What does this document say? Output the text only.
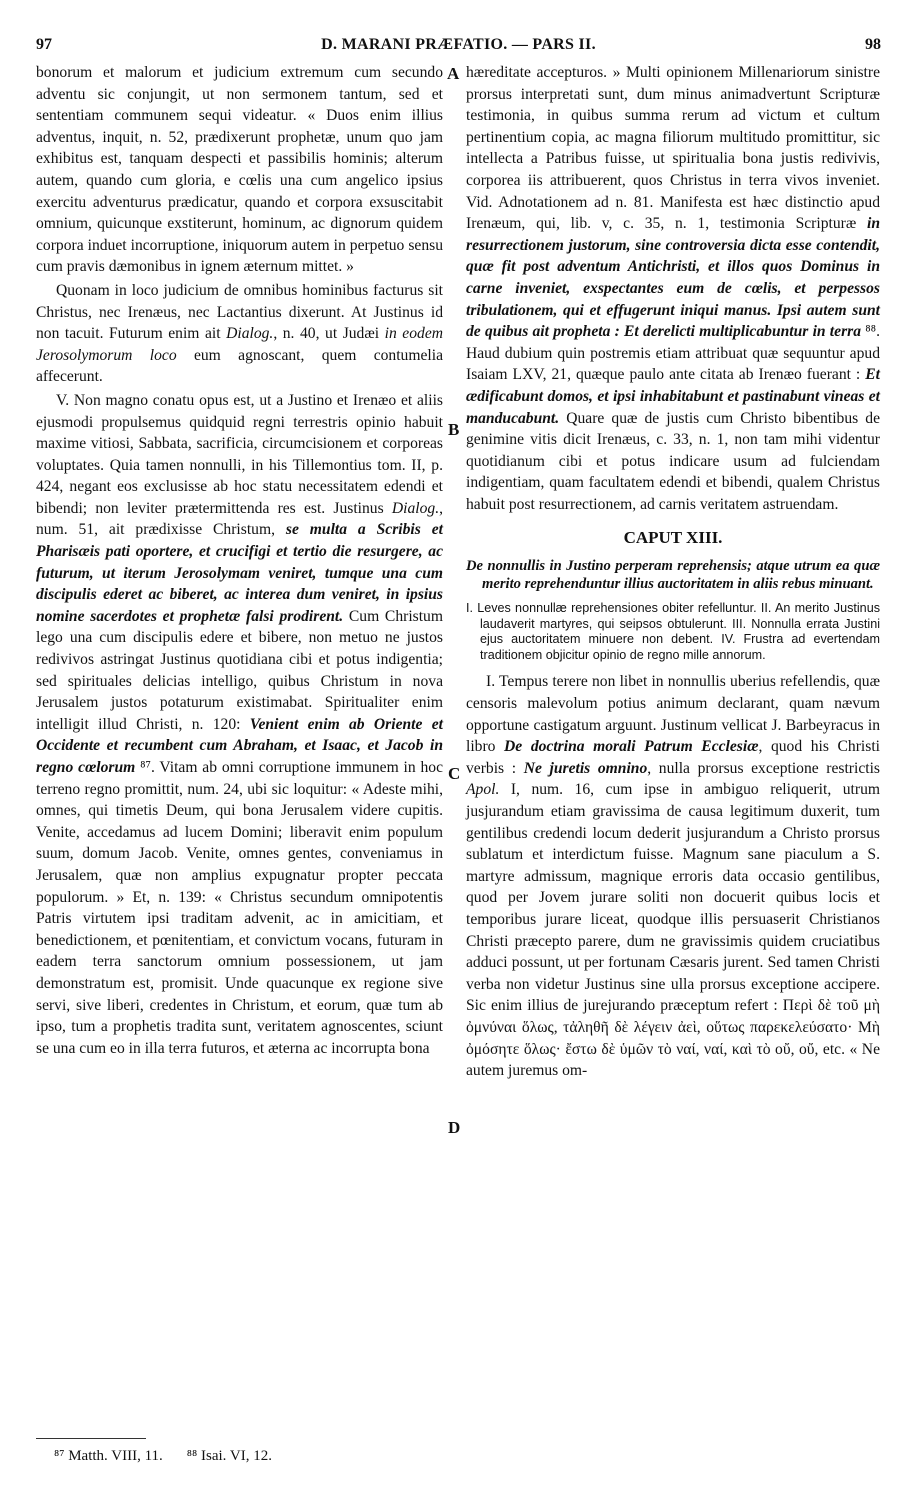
97	D. MARANI PRÆFATIO. — PARS II.	98
A
B
C
D

bonorum et malorum et judicium extremum cum secundo adventu sic conjungit, ut non sermonem tantum, sed et sententiam communem sequi videatur. « Duos enim illius adventus, inquit, n. 52, prædixerunt prophetæ, unum quo jam exhibitus est, tanquam despecti et passibilis hominis; alterum autem, quando cum gloria, e cœlis una cum angelico ipsius exercitu adventurus prædicatur, quando et corpora exsuscitabit omnium, quicunque exstiterunt, hominum, ac dignorum quidem corpora induet incorruptione, iniquorum autem in perpetuo sensu cum pravis dæmonibus in ignem æternum mittet. »

Quonam in loco judicium de omnibus hominibus facturus sit Christus, nec Irenæus, nec Lactantius dixerunt. At Justinus id non tacuit. Futurum enim ait Dialog., n. 40, ut Judæi in eodem Jerosolymorum loco eum agnoscant, quem contumelia affecerunt.

V. Non magno conatu opus est, ut a Justino et Irenæo et aliis ejusmodi propulsemus quidquid regni terrestris opinio habuit maxime vitiosi, Sabbata, sacrificia, circumcisionem et corporeas voluptates. Quia tamen nonnulli, in his Tillemontius tom. II, p. 424, negant eos exclusisse ab hoc statu necessitatem edendi et bibendi; non leviter prætermittenda res est. Justinus Dialog., num. 51, ait prædixisse Christum, se multa a Scribis et Pharisæis pati oportere, et crucifigi et tertio die resurgere, ac futurum, ut iterum Jerosolymam veniret, tumque una cum discipulis ederet ac biberet, ac interea dum veniret, in ipsius nomine sacerdotes et prophetæ falsi prodirent. Cum Christum lego una cum discipulis edere et bibere, non metuo ne justos redivivos astringat Justinus quotidiana cibi et potus indigentia; sed spirituales delicias intelligo, quibus Christum in nova Jerusalem justos potaturum existimabat. Spiritualiter enim intelligit illud Christi, n. 120: Venient enim ab Oriente et Occidente et recumbent cum Abraham, et Isaac, et Jacob in regno cœlorum ⁸⁷. Vitam ab omni corruptione immunem in hoc terreno regno promittit, num. 24, ubi sic loquitur: « Adeste mihi, omnes, qui timetis Deum, qui bona Jerusalem videre cupitis. Venite, accedamus ad lucem Domini; liberavit enim populum suum, domum Jacob. Venite, omnes gentes, conveniamus in Jerusalem, quæ non amplius expugnatur propter peccata populorum. » Et, n. 139: « Christus secundum omnipotentis Patris virtutem ipsi traditam advenit, ac in amicitiam, et benedictionem, et pœnitentiam, et convictum vocans, futuram in eadem terra sanctorum omnium possessionem, ut jam demonstratum est, promisit. Unde quacunque ex regione sive servi, sive liberi, credentes in Christum, et eorum, quæ tum ab ipso, tum a prophetis tradita sunt, veritatem agnoscentes, sciunt se una cum eo in illa terra futuros, et æterna ac incorrupta bona

hæreditate accepturos. » Multi opinionem Millenariorum sinistre prorsus interpretati sunt, dum minus animadvertunt Scripturæ testimonia, in quibus summa rerum ad victum et cultum pertinentium copia, ac magna filiorum multitudo promittitur, sic intellecta a Patribus fuisse, ut spiritualia bona justis redivivis, corporea iis attribuerent, quos Christus in terra vivos inveniet. Vid. Adnotationem ad n. 81. Manifesta est hæc distinctio apud Irenæum, qui, lib. v, c. 35, n. 1, testimonia Scripturæ in resurrectionem justorum, sine controversia dicta esse contendit, quæ fit post adventum Antichristi, et illos quos Dominus in carne inveniet, exspectantes eum de cœlis, et perpessos tribulationem, qui et effugerunt iniqui manus. Ipsi autem sunt de quibus ait propheta : Et derelicti multiplicabuntur in terra ⁸⁸. Haud dubium quin postremis etiam attribuat quæ sequuntur apud Isaiam LXV, 21, quæque paulo ante citata ab Irenæo fuerant : Et ædificabunt domos, et ipsi inhabitabunt et pastinabunt vineas et manducabunt. Quare quæ de justis cum Christo bibentibus de genimine vitis dicit Irenæus, c. 33, n. 1, non tam mihi videntur quotidianum cibi et potus indicare usum ad fulciendam indigentiam, quam facultatem edendi et bibendi, qualem Christus habuit post resurrectionem, ad carnis veritatem astruendam.

CAPUT XIII.
De nonnullis in Justino perperam reprehensis; atque utrum ea quæ merito reprehenduntur illius auctoritatem in aliis rebus minuant.
I. Leves nonnullæ reprehensiones obiter refelluntur. II. An merito Justinus laudaverit martyres, qui seipsos obtulerunt. III. Nonnulla errata Justini ejus auctoritatem minuere non debent. IV. Frustra ad evertendam traditionem objicitur opinio de regno mille annorum.

I. Tempus terere non libet in nonnullis uberius refellendis, quæ censoris malevolum potius animum declarant, quam nævum opportune castigatum arguunt. Justinum vellicat J. Barbeyracus in libro De doctrina morali Patrum Ecclesiæ, quod his Christi verbis : Ne juretis omnino, nulla prorsus exceptione restrictis Apol. I, num. 16, cum ipse in ambiguo reliquerit, utrum jusjurandum etiam gravissima de causa legitimum duxerit, tum gentilibus credendi locum dederit jusjurandum a Christo prorsus sublatum et interdictum fuisse. Magnum sane piaculum a S. martyre admissum, magnique erroris data occasio gentilibus, quod per Jovem jurare soliti non docuerit quibus locis et temporibus jurare liceat, quodque illis persuaserit Christianos Christi præcepto parere, dum ne gravissimis quidem cruciatibus adduci possunt, ut per fortunam Cæsaris jurent. Sed tamen Christi verba non videtur Justinus sine ulla prorsus exceptione accipere. Sic enim illius de jurejurando præceptum refert : Περὶ δὲ τοῦ μὴ ὀμνύναι ὅλως, τἀληθῆ δὲ λέγειν ἀεὶ, οὕτως παρεκελεύσατο· Μὴ ὀμόσητε ὅλως· ἔστω δὲ ὑμῶν τὸ ναί, ναί, καὶ τὸ οὔ, οὔ, etc. « Ne autem juremus om-

⁸⁷ Matth. VIII, 11. ⁸⁸ Isai. VI, 12.
